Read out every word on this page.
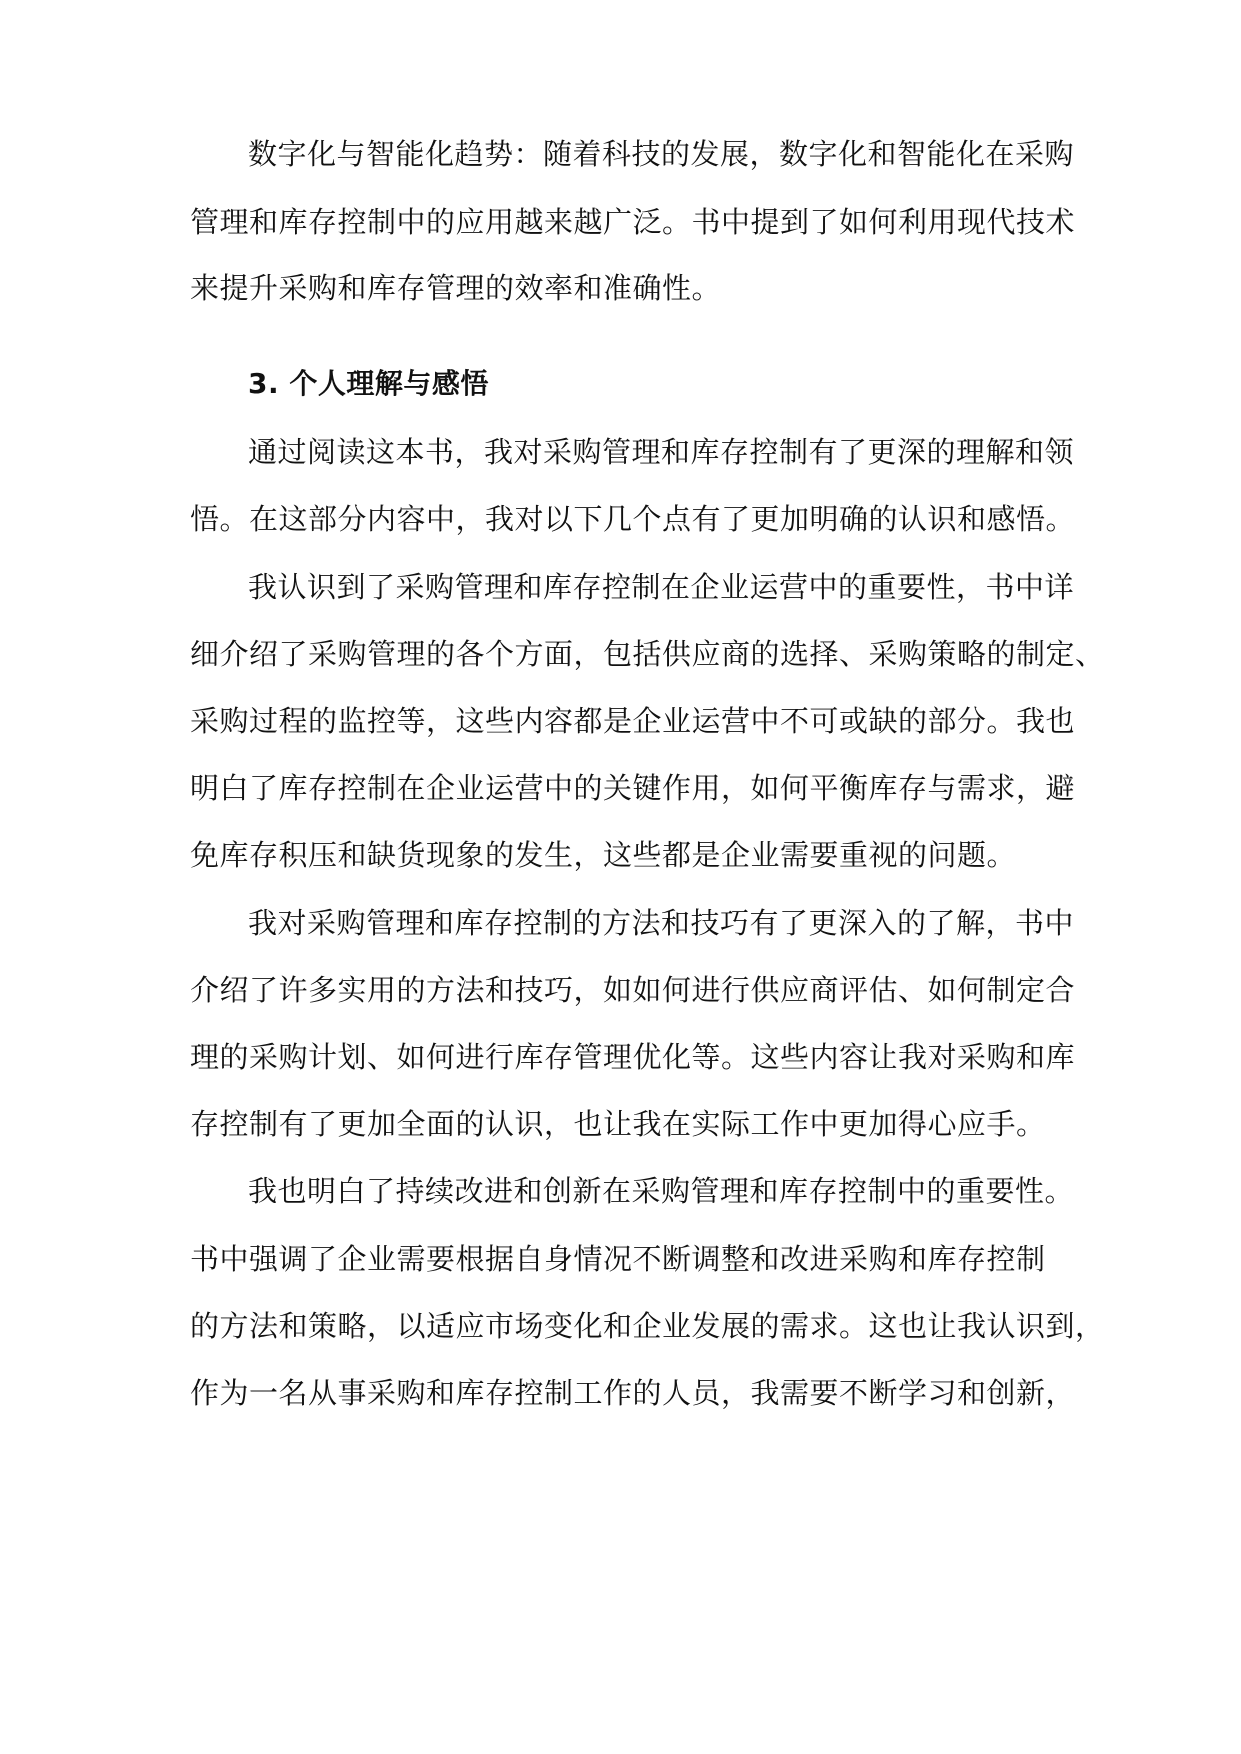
数字化与智能化趋势：随着科技的发展，数字化和智能化在采购
管理和库存控制中的应用越来越广泛。书中提到了如何利用现代技术
来提升采购和库存管理的效率和准确性。
3. 个人理解与感悟
通过阅读这本书，我对采购管理和库存控制有了更深的理解和领
悟。在这部分内容中，我对以下几个点有了更加明确的认识和感悟。
我认识到了采购管理和库存控制在企业运营中的重要性，书中详
细介绍了采购管理的各个方面，包括供应商的选择、采购策略的制定、
采购过程的监控等，这些内容都是企业运营中不可或缺的部分。我也
明白了库存控制在企业运营中的关键作用，如何平衡库存与需求，避
免库存积压和缺货现象的发生，这些都是企业需要重视的问题。
我对采购管理和库存控制的方法和技巧有了更深入的了解，书中
介绍了许多实用的方法和技巧，如如何进行供应商评估、如何制定合
理的采购计划、如何进行库存管理优化等。这些内容让我对采购和库
存控制有了更加全面的认识，也让我在实际工作中更加得心应手。
我也明白了持续改进和创新在采购管理和库存控制中的重要性。
书中强调了企业需要根据自身情况不断调整和改进采购和库存控制
的方法和策略，以适应市场变化和企业发展的需求。这也让我认识到，
作为一名从事采购和库存控制工作的人员，我需要不断学习和创新，
